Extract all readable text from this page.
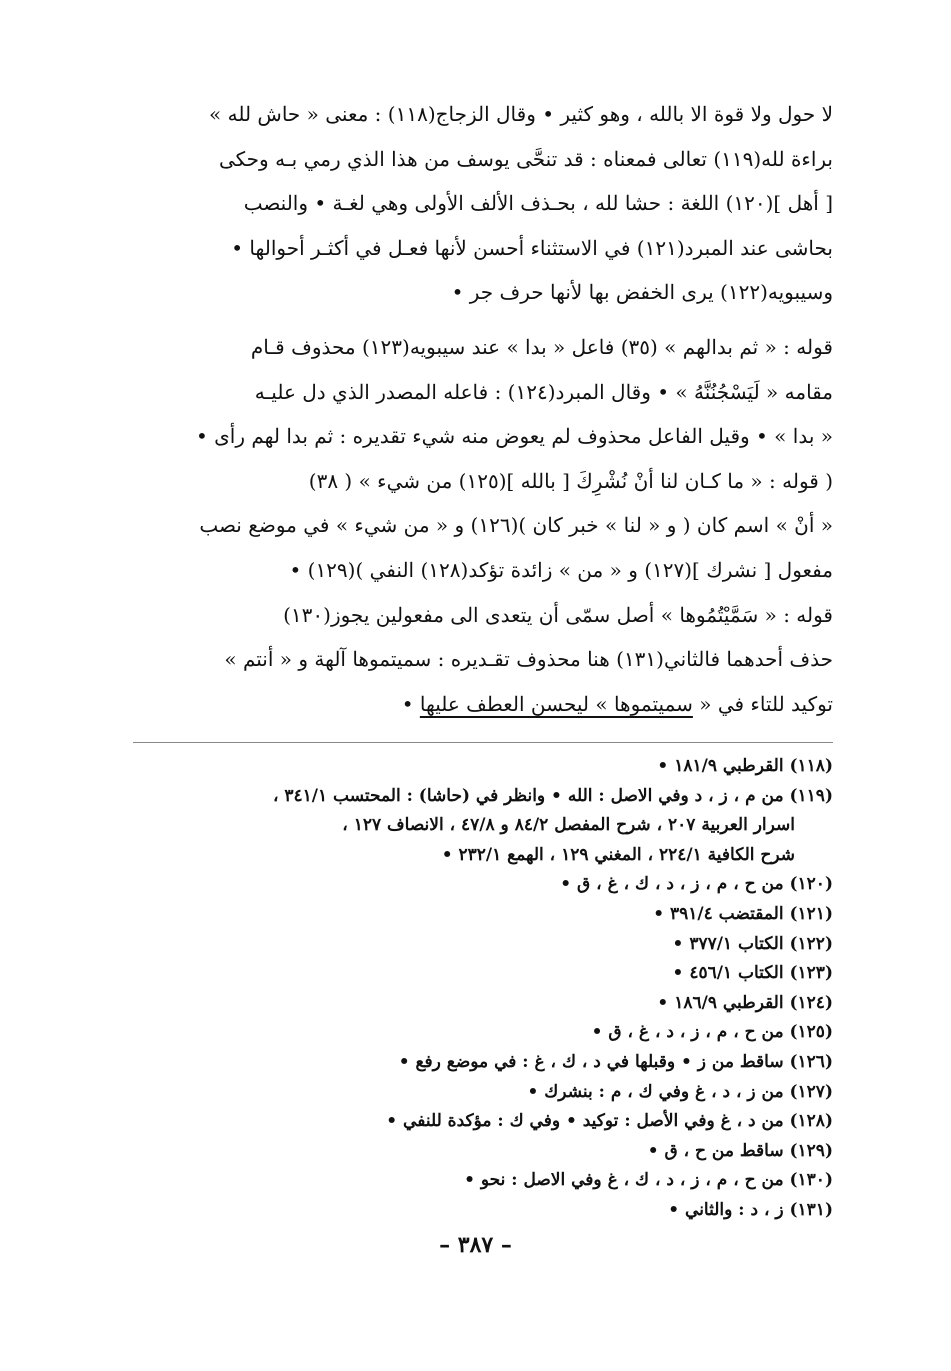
لا حول ولا قوة الا بالله ، وهو كثير • وقال الزجاج(١١٨) : معنى « حاش لله »
براءة لله(١١٩) تعالى فمعناه : قد تنحَّى يوسف من هذا الذي رمي بـه وحكى
[ أهل ](١٢٠) اللغة : حشا لله ، بحـذف الألف الأولى وهي لغـة • والنصب
بحاشى عند المبرد(١٢١) في الاستثناء أحسن لأنها فعـل في أكثـر أحوالها •
وسيبويه(١٢٢) يرى الخفض بها لأنها حرف جر •

قوله : « ثم بدالهم » (٣٥) فاعل « بدا » عند سيبويه(١٢٣) محذوف قـام
مقامه « لَيَسْجُنُنَّهُ » • وقال المبرد(١٢٤) : فاعله المصدر الذي دل عليـه
« بدا » • وقيل الفاعل محذوف لم يعوض منه شيء تقديره : ثم بدا لهم رأى •

( قوله : « ما كـان لنا أنْ نُشْرِكَ [ بالله ](١٢٥) من شيء » ( ٣٨)
« أنْ » اسم كان ( و « لنا » خبر كان )(١٢٦) و « من شيء » في موضع نصب
مفعول [ نشرك ](١٢٧) و « من » زائدة تؤكد(١٢٨) النفي )(١٢٩) •

قوله : « سَمَّيْتُمُوها » أصل سمّى أن يتعدى الى مفعولين يجوز(١٣٠)
حذف أحدهما فالثاني(١٣١) هنا محذوف تقـديره : سميتموها آلهة و « أنتم »
توكيد للتاء في « سميتموها » ليحسن العطف عليها •

(١١٨) القرطبي ١٨١/٩ •
(١١٩) من م ، ز ، د وفي الاصل : الله • وانظر في (حاشا) : المحتسب ٣٤١/١ ،
اسرار العربية ٢٠٧ ، شرح المفصل ٨٤/٢ و ٤٧/٨ ، الانصاف ١٢٧ ،
شرح الكافية ٢٢٤/١ ، المغني ١٢٩ ، الهمع ٢٣٢/١ •
(١٢٠) من ح ، م ، ز ، د ، ك ، غ ، ق •
(١٢١) المقتضب ٣٩١/٤ •
(١٢٢) الكتاب ٣٧٧/١ •
(١٢٣) الكتاب ٤٥٦/١ •
(١٢٤) القرطبي ١٨٦/٩ •
(١٢٥) من ح ، م ، ز ، د ، غ ، ق •
(١٢٦) ساقط من ز • وقبلها في د ، ك ، غ : في موضع رفع •
(١٢٧) من ز ، د ، غ وفي ك ، م : بنشرك •
(١٢٨) من د ، غ وفي الأصل : توكيد • وفي ك : مؤكدة للنفي •
(١٢٩) ساقط من ح ، ق •
(١٣٠) من ح ، م ، ز ، د ، ك ، غ وفي الاصل : نحو •
(١٣١) ز ، د : والثاني •
– ٣٨٧ –
